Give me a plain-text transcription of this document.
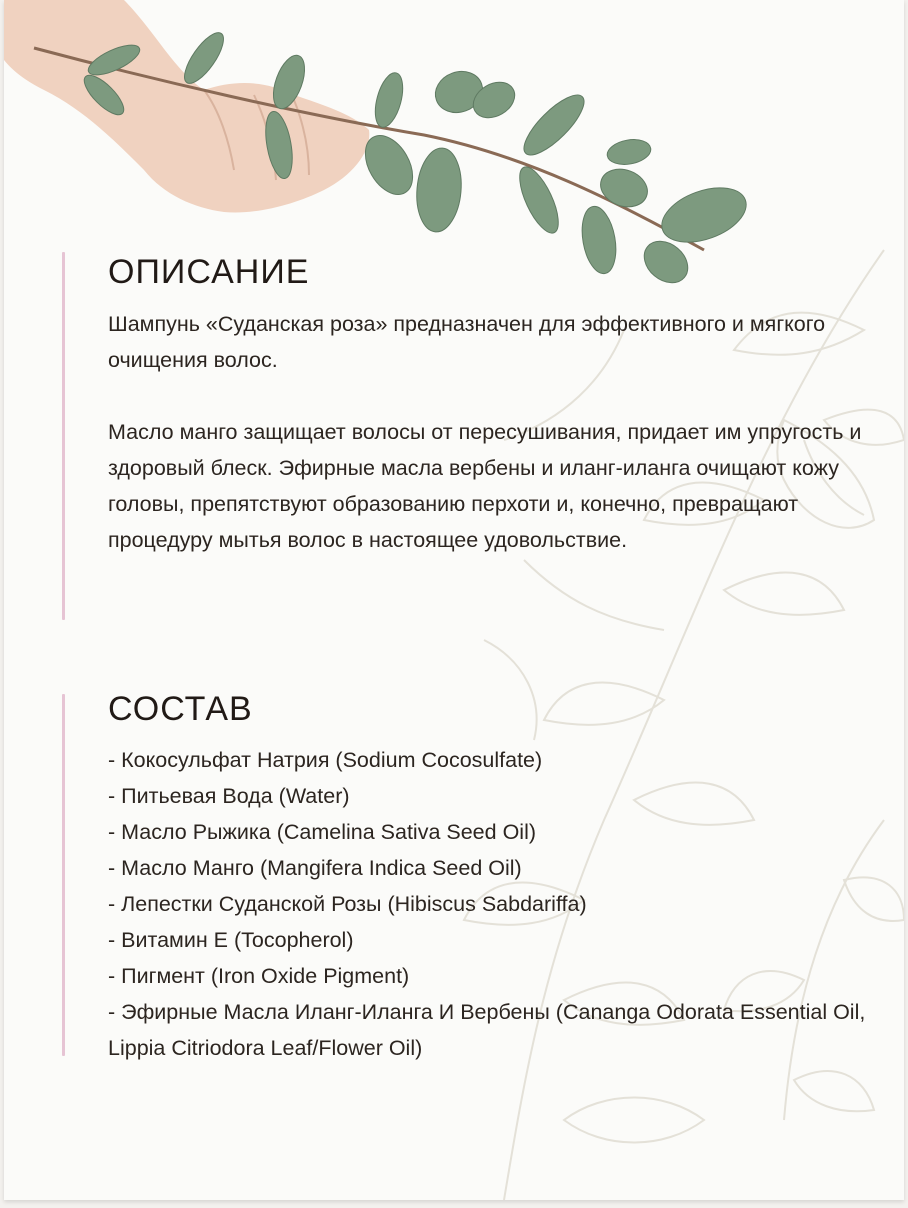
ОПИСАНИЕ

Шампунь «Суданская роза» предназначен для эффективного и мягкого очищения волос.

Масло манго защищает волосы от пересушивания, придает им упругость и здоровый блеск. Эфирные масла вербены и иланг-иланга очищают кожу головы, препятствуют образованию перхоти и, конечно, превращают процедуру мытья волос в настоящее удовольствие.

СОСТАВ
- Кокосульфат Натрия (Sodium Cocosulfate)
- Питьевая Вода (Water)
- Масло Рыжика (Camelina Sativa Seed Oil)
- Масло Манго (Mangifera Indica Seed Oil)
- Лепестки Суданской Розы (Hibiscus Sabdariffa)
- Витамин E (Tocopherol)
- Пигмент (Iron Oxide Pigment)
- Эфирные Масла Иланг-Иланга И Вербены (Cananga Odorata Essential Oil, Lippia Citriodora Leaf/Flower Oil)
